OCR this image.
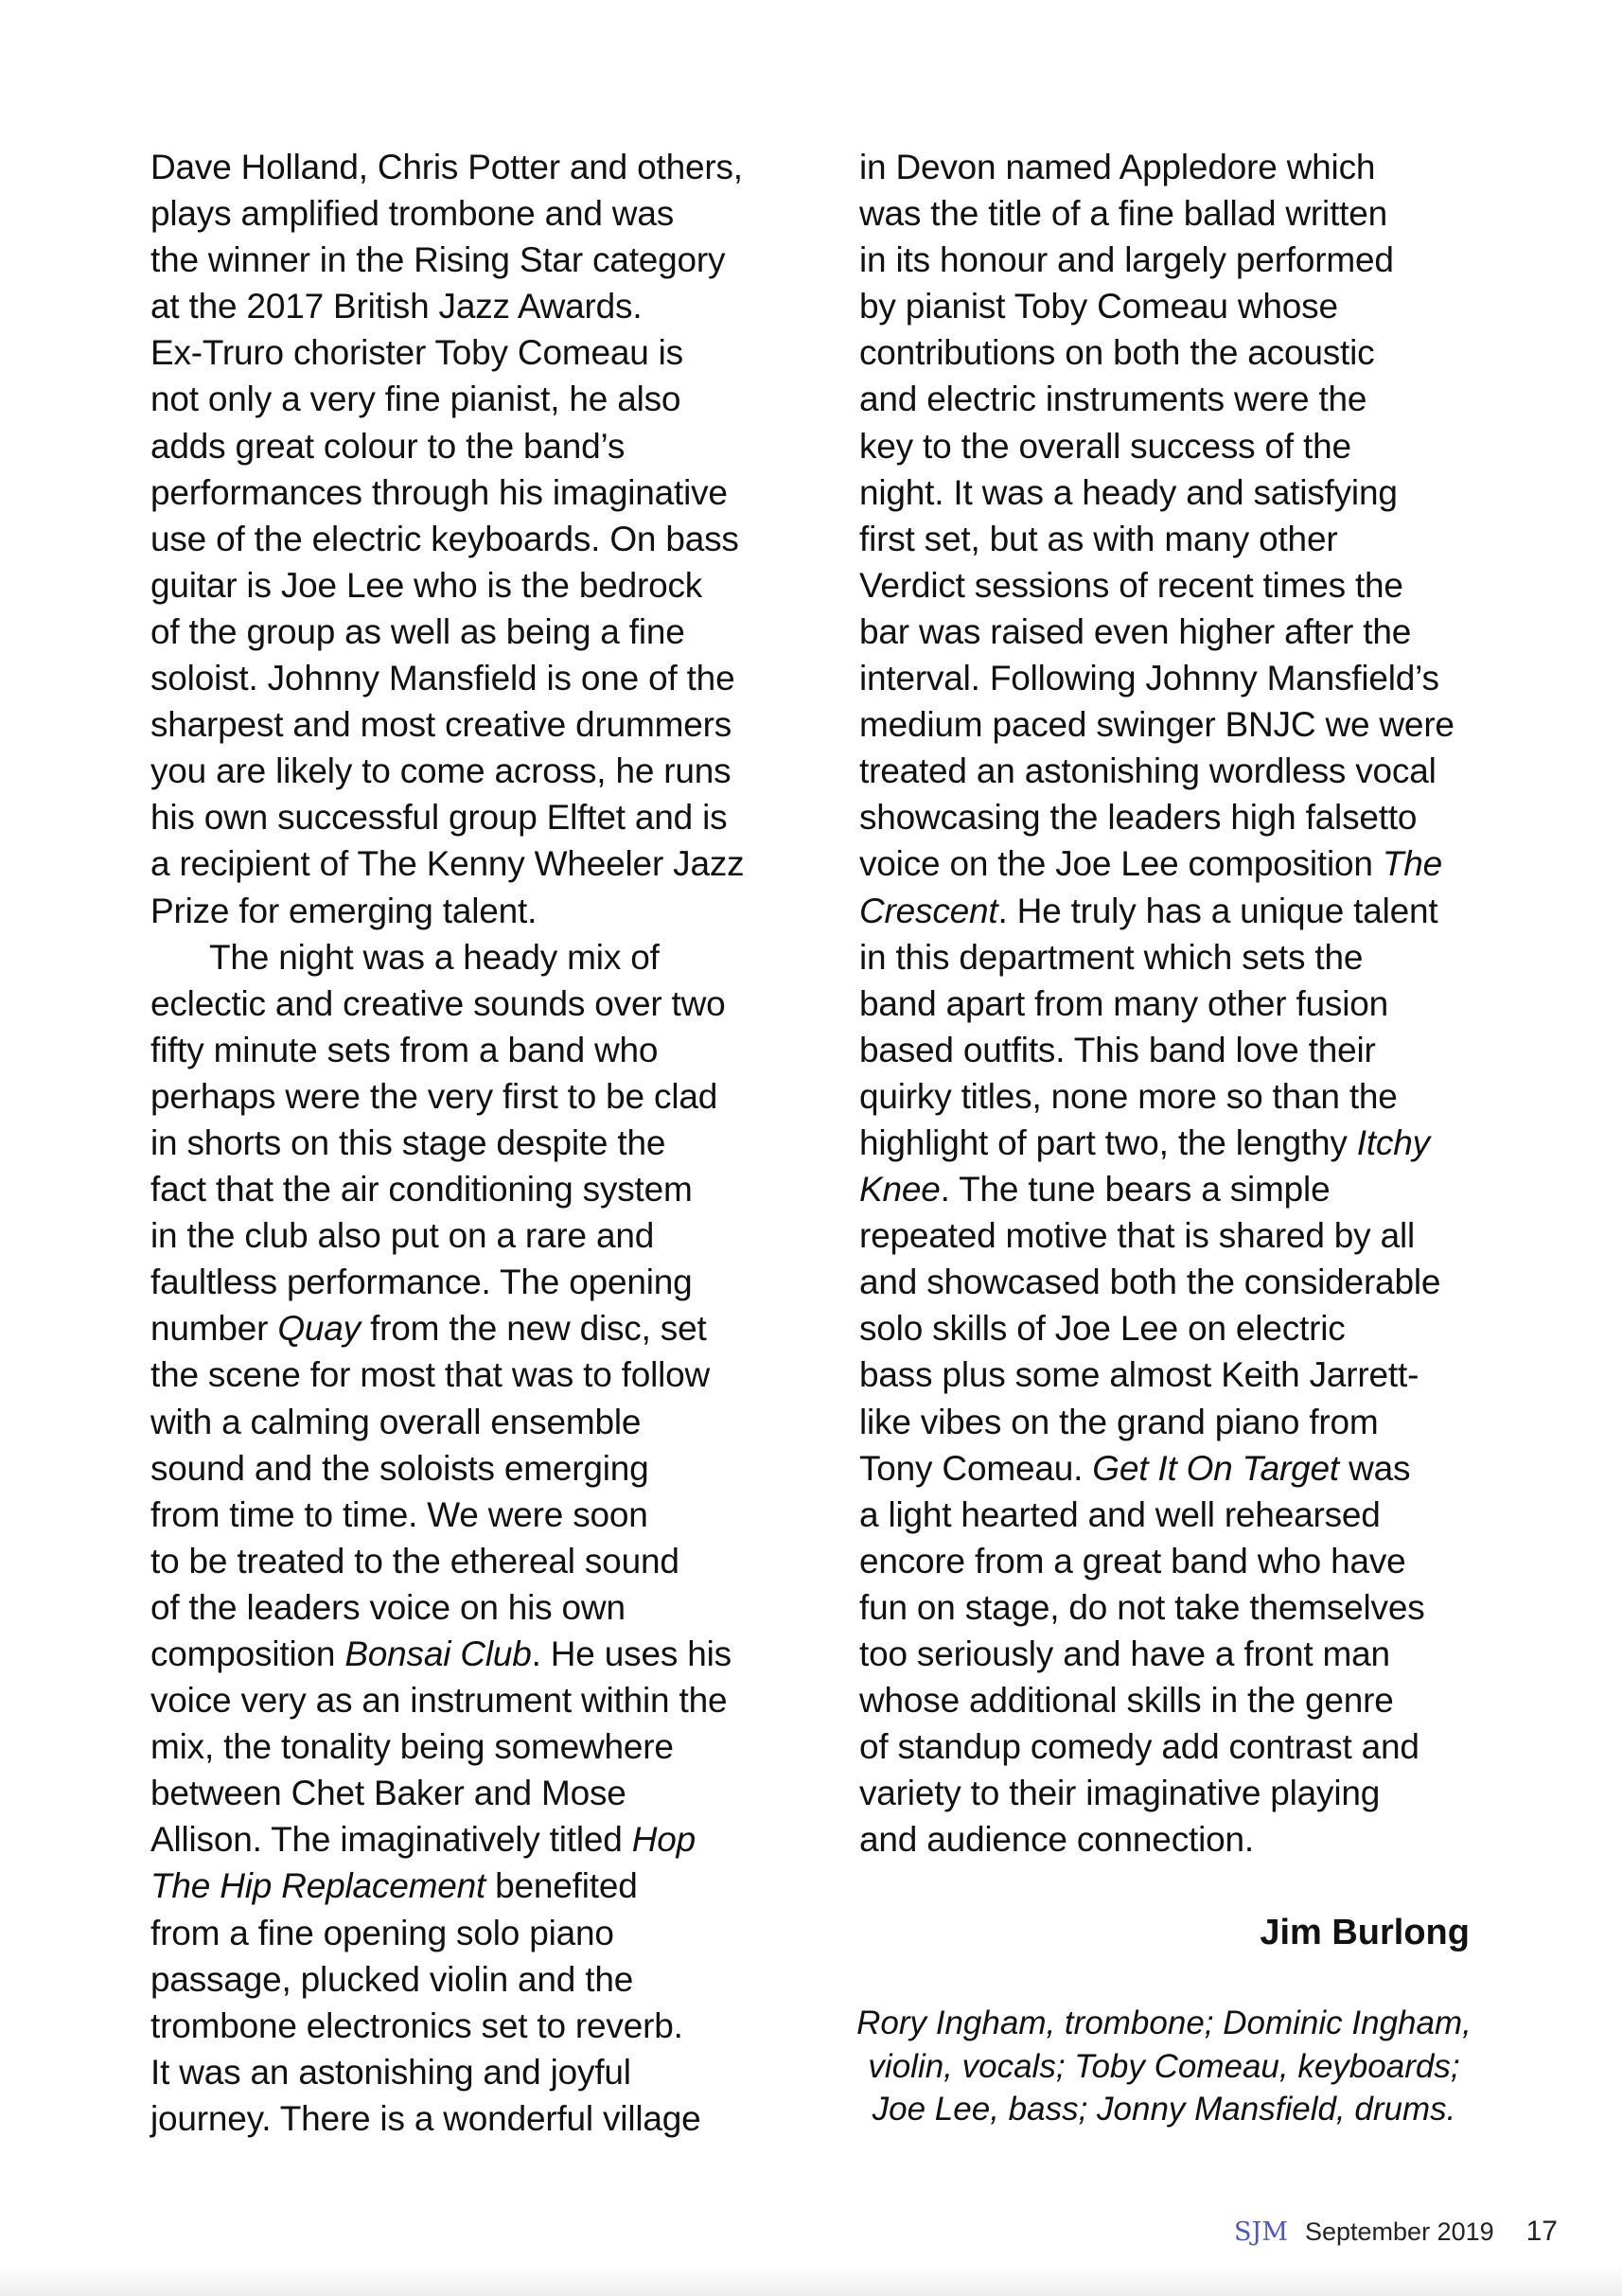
Dave Holland, Chris Potter and others,
plays amplified trombone and was
the winner in the Rising Star category
at the 2017 British Jazz Awards.
Ex-Truro chorister Toby Comeau is
not only a very fine pianist, he also
adds great colour to the band’s
performances through his imaginative
use of the electric keyboards. On bass
guitar is Joe Lee who is the bedrock
of the group as well as being a fine
soloist. Johnny Mansfield is one of the
sharpest and most creative drummers
you are likely to come across, he runs
his own successful group Elftet and is
a recipient of The Kenny Wheeler Jazz
Prize for emerging talent.
The night was a heady mix of
eclectic and creative sounds over two
fifty minute sets from a band who
perhaps were the very first to be clad
in shorts on this stage despite the
fact that the air conditioning system
in the club also put on a rare and
faultless performance. The opening
number Quay from the new disc, set
the scene for most that was to follow
with a calming overall ensemble
sound and the soloists emerging
from time to time. We were soon
to be treated to the ethereal sound
of the leaders voice on his own
composition Bonsai Club. He uses his
voice very as an instrument within the
mix, the tonality being somewhere
between Chet Baker and Mose
Allison. The imaginatively titled Hop
The Hip Replacement benefited
from a fine opening solo piano
passage, plucked violin and the
trombone electronics set to reverb.
It was an astonishing and joyful
journey. There is a wonderful village
in Devon named Appledore which
was the title of a fine ballad written
in its honour and largely performed
by pianist Toby Comeau whose
contributions on both the acoustic
and electric instruments were the
key to the overall success of the
night. It was a heady and satisfying
first set, but as with many other
Verdict sessions of recent times the
bar was raised even higher after the
interval. Following Johnny Mansfield’s
medium paced swinger BNJC we were
treated an astonishing wordless vocal
showcasing the leaders high falsetto
voice on the Joe Lee composition The
Crescent. He truly has a unique talent
in this department which sets the
band apart from many other fusion
based outfits. This band love their
quirky titles, none more so than the
highlight of part two, the lengthy Itchy
Knee. The tune bears a simple
repeated motive that is shared by all
and showcased both the considerable
solo skills of Joe Lee on electric
bass plus some almost Keith Jarrett-
like vibes on the grand piano from
Tony Comeau. Get It On Target was
a light hearted and well rehearsed
encore from a great band who have
fun on stage, do not take themselves
too seriously and have a front man
whose additional skills in the genre
of standup comedy add contrast and
variety to their imaginative playing
and audience connection.
Jim Burlong
Rory Ingham, trombone; Dominic Ingham,
violin, vocals; Toby Comeau, keyboards;
Joe Lee, bass; Jonny Mansfield, drums.
SJM September 2019 17
